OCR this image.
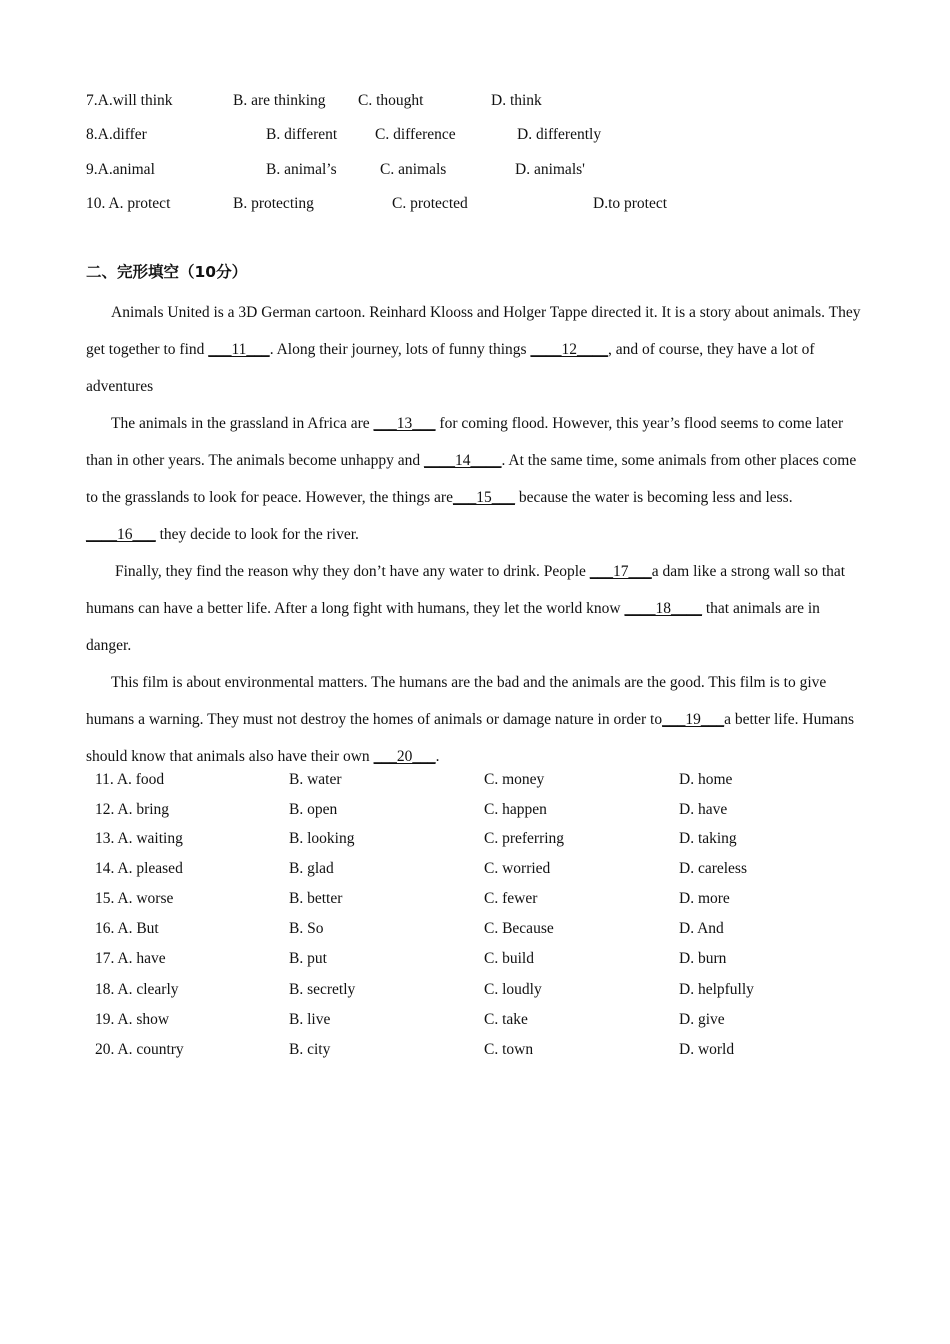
7.A.will think	B. are thinking C. thought	D. think
8.A.differ	B. different C. difference	D. differently
9.A.animal	B. animal’s	C. animals	D. animals'
10. A. protect	B. protecting	C. protected	D.to protect
二、完形填空（10分）

Animals United is a 3D German cartoon. Reinhard Klooss and Holger Tappe directed it. It is a story about animals. They get together to find ___11___. Along their journey, lots of funny things ____12____, and of course, they have a lot of adventures

The animals in the grassland in Africa are ___13___ for coming flood. However, this year’s flood seems to come later than in other years. The animals become unhappy and ____14____. At the same time, some animals from other places come to the grasslands to look for peace. However, the things are___15___ because the water is becoming less and less. ____16___ they decide to look for the river.

Finally, they find the reason why they don’t have any water to drink. People ___17___a dam like a strong wall so that humans can have a better life. After a long fight with humans, they let the world know ____18____ that animals are in danger.

This film is about environmental matters. The humans are the bad and the animals are the good. This film is to give humans a warning. They must not destroy the homes of animals or damage nature in order to___19___a better life. Humans should know that animals also have their own ___20___.

11. A. food	B. water	C. money	D. home
12. A. bring	B. open	C. happen	D. have
13. A. waiting	B. looking	C. preferring	D. taking
14. A. pleased	B. glad	C. worried	D. careless
15. A. worse	B. better	C. fewer	D. more
16. A. But	B. So	C. Because	D. And
17. A. have	B. put	C. build	D. burn
18. A. clearly	B. secretly	C. loudly	D. helpfully
19. A. show	B. live	C. take	D. give
20. A. country	B. city	C. town	D. world
